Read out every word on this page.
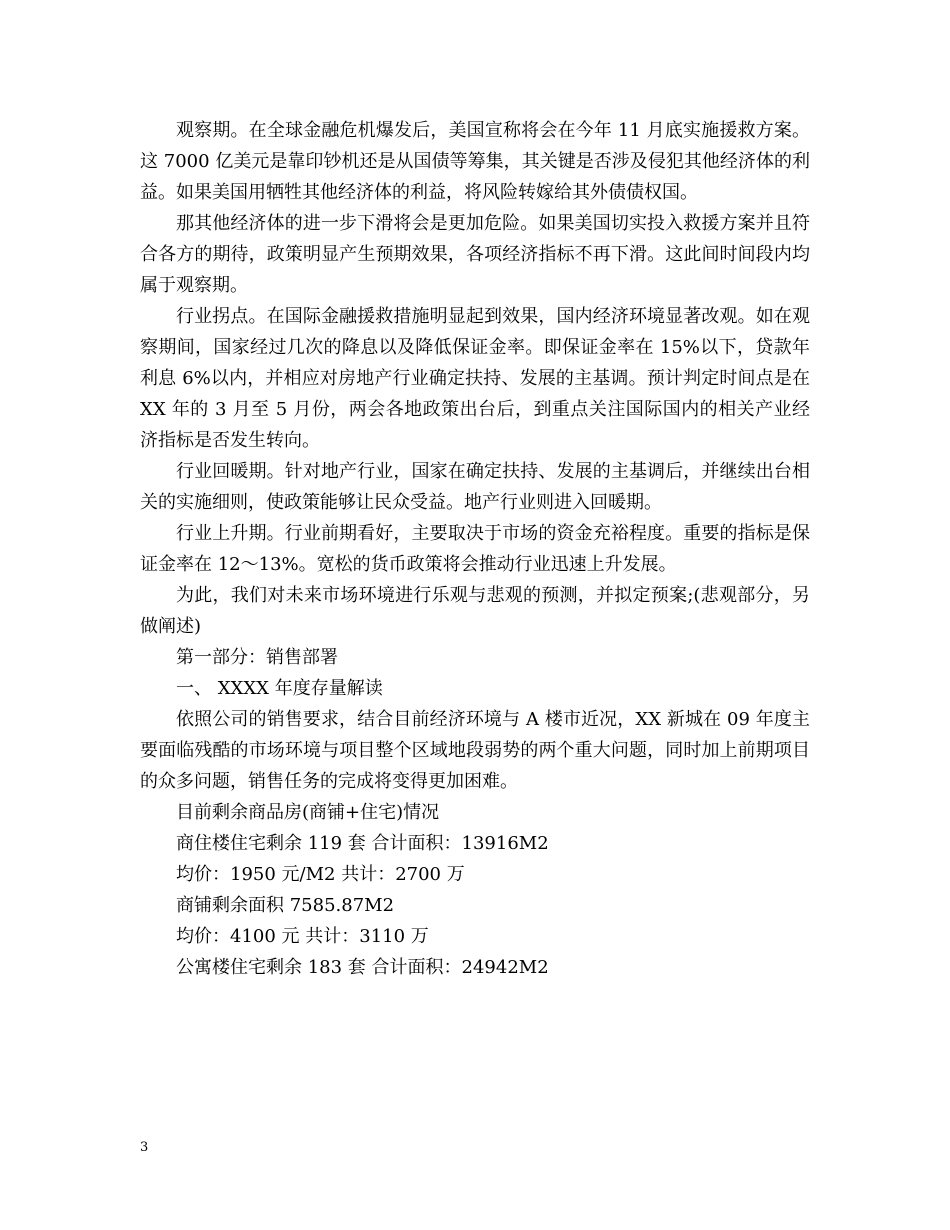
观察期。在全球金融危机爆发后，美国宣称将会在今年 11 月底实施援救方案。这 7000 亿美元是靠印钞机还是从国债等筹集，其关键是否涉及侵犯其他经济体的利益。如果美国用牺牲其他经济体的利益，将风险转嫁给其外债债权国。

那其他经济体的进一步下滑将会是更加危险。如果美国切实投入救援方案并且符合各方的期待，政策明显产生预期效果，各项经济指标不再下滑。这此间时间段内均属于观察期。

行业拐点。在国际金融援救措施明显起到效果，国内经济环境显著改观。如在观察期间，国家经过几次的降息以及降低保证金率。即保证金率在 15%以下，贷款年利息 6%以内，并相应对房地产行业确定扶持、发展的主基调。预计判定时间点是在 XX 年的 3 月至 5 月份，两会各地政策出台后，到重点关注国际国内的相关产业经济指标是否发生转向。

行业回暖期。针对地产行业，国家在确定扶持、发展的主基调后，并继续出台相关的实施细则，使政策能够让民众受益。地产行业则进入回暖期。

行业上升期。行业前期看好，主要取决于市场的资金充裕程度。重要的指标是保证金率在 12～13%。宽松的货币政策将会推动行业迅速上升发展。

为此，我们对未来市场环境进行乐观与悲观的预测，并拟定预案;(悲观部分，另做阐述)

第一部分：销售部署

一、 XXXX 年度存量解读

依照公司的销售要求，结合目前经济环境与 A 楼市近况，XX 新城在 09 年度主要面临残酷的市场环境与项目整个区域地段弱势的两个重大问题，同时加上前期项目的众多问题，销售任务的完成将变得更加困难。

目前剩余商品房(商铺+住宅)情况

商住楼住宅剩余 119 套 合计面积：13916M2

均价：1950 元/M2 共计：2700 万

商铺剩余面积 7585.87M2

均价：4100 元 共计：3110 万

公寓楼住宅剩余 183 套 合计面积：24942M2

3
